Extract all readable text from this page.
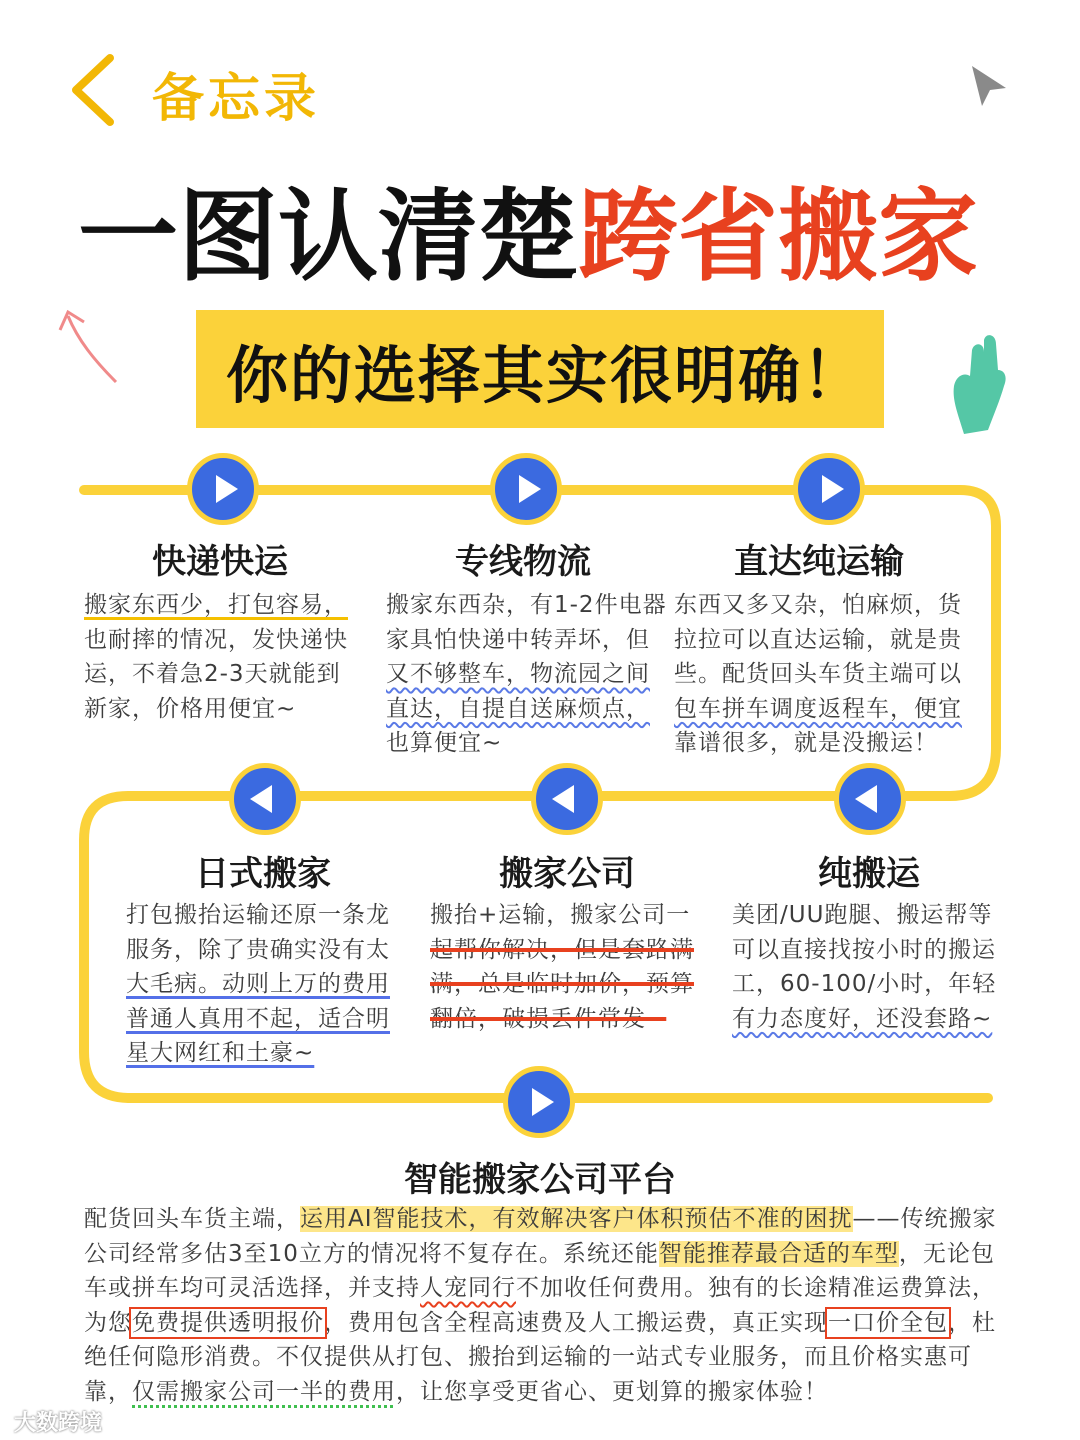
备忘录
一图认清楚跨省搬家
你的选择其实很明确！
快递快运
搬家东西少，打包容易，
也耐摔的情况，发快递快
运，不着急2-3天就能到
新家，价格用便宜~
专线物流
搬家东西杂，有1-2件电器
家具怕快递中转弄坏，但
又不够整车，物流园之间
直达，自提自送麻烦点，
也算便宜~
直达纯运输
东西又多又杂，怕麻烦，货
拉拉可以直达运输，就是贵
些。配货回头车货主端可以
包车拼车调度返程车，便宜
靠谱很多，就是没搬运！
日式搬家
打包搬抬运输还原一条龙
服务，除了贵确实没有太
大毛病。动则上万的费用
普通人真用不起，适合明
星大网红和土豪~
搬家公司
搬抬+运输，搬家公司一
起帮你解决，但是套路满
满，总是临时加价，预算
翻倍，破损丢件常发~
纯搬运
美团/UU跑腿、搬运帮等
可以直接找按小时的搬运
工，60-100/小时，年轻
有力态度好，还没套路~
智能搬家公司平台
配货回头车货主端，运用AI智能技术，有效解决客户体积预估不准的困扰——传统搬家公司经常多估3至10立方的情况将不复存在。系统还能智能推荐最合适的车型，无论包车或拼车均可灵活选择，并支持人宠同行不加收任何费用。独有的长途精准运费算法，为您免费提供透明报价，费用包含全程高速费及人工搬运费，真正实现一口价全包，杜绝任何隐形消费。不仅提供从打包、搬抬到运输的一站式专业服务，而且价格实惠可靠，仅需搬家公司一半的费用，让您享受更省心、更划算的搬家体验！
大数跨境
